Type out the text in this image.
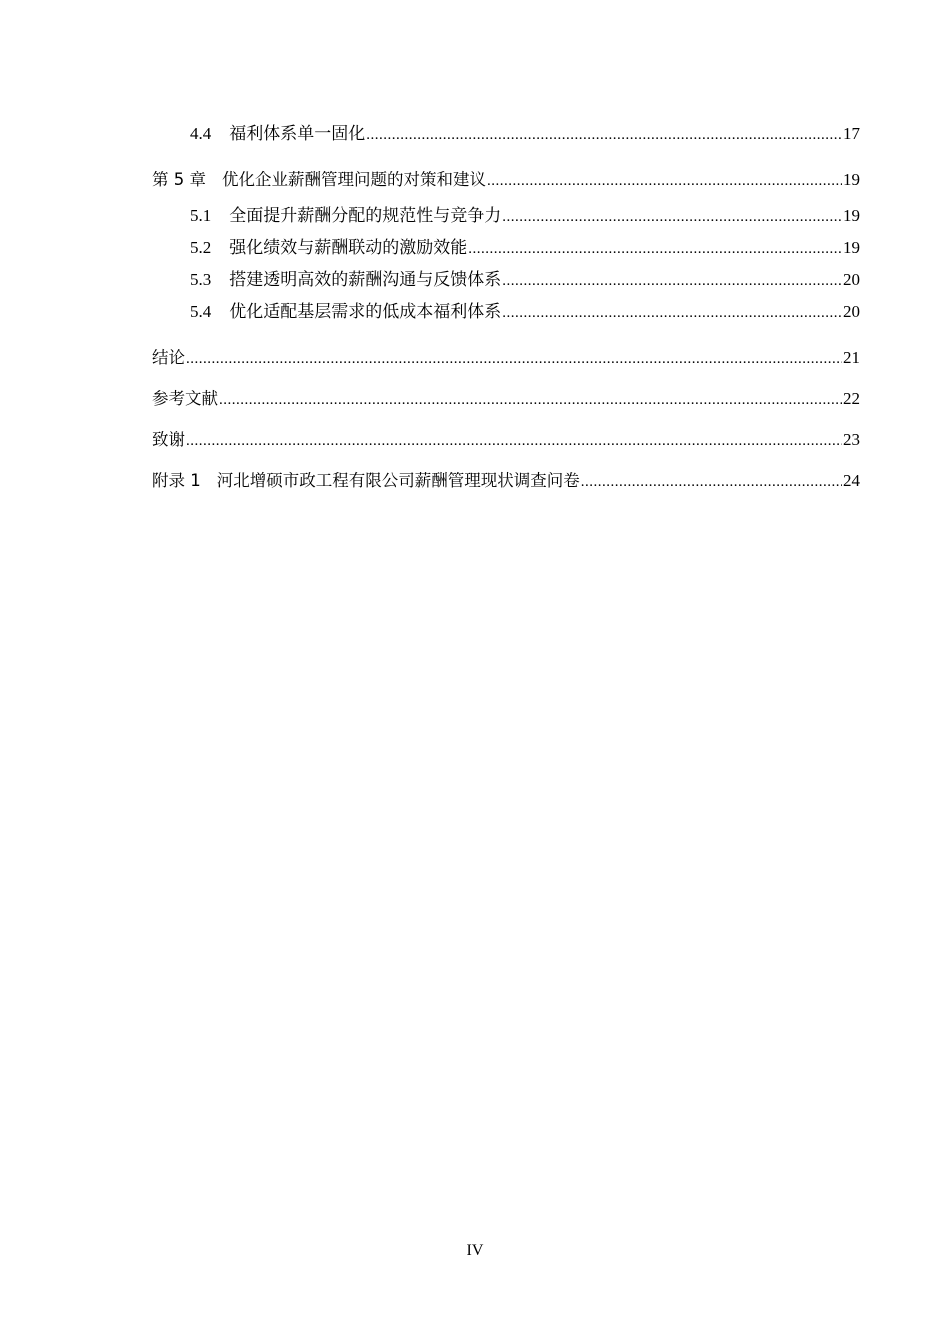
4.4 福利体系单一固化 .....	17
第 5 章 优化企业薪酬管理问题的对策和建议 .....	19
5.1 全面提升薪酬分配的规范性与竞争力 .....	19
5.2 强化绩效与薪酬联动的激励效能 .....	19
5.3 搭建透明高效的薪酬沟通与反馈体系 .....	20
5.4 优化适配基层需求的低成本福利体系 .....	20
结论 .....	21
参考文献 .....	22
致谢 .....	23
附录 1 河北增硕市政工程有限公司薪酬管理现状调查问卷 .....	24
IV
